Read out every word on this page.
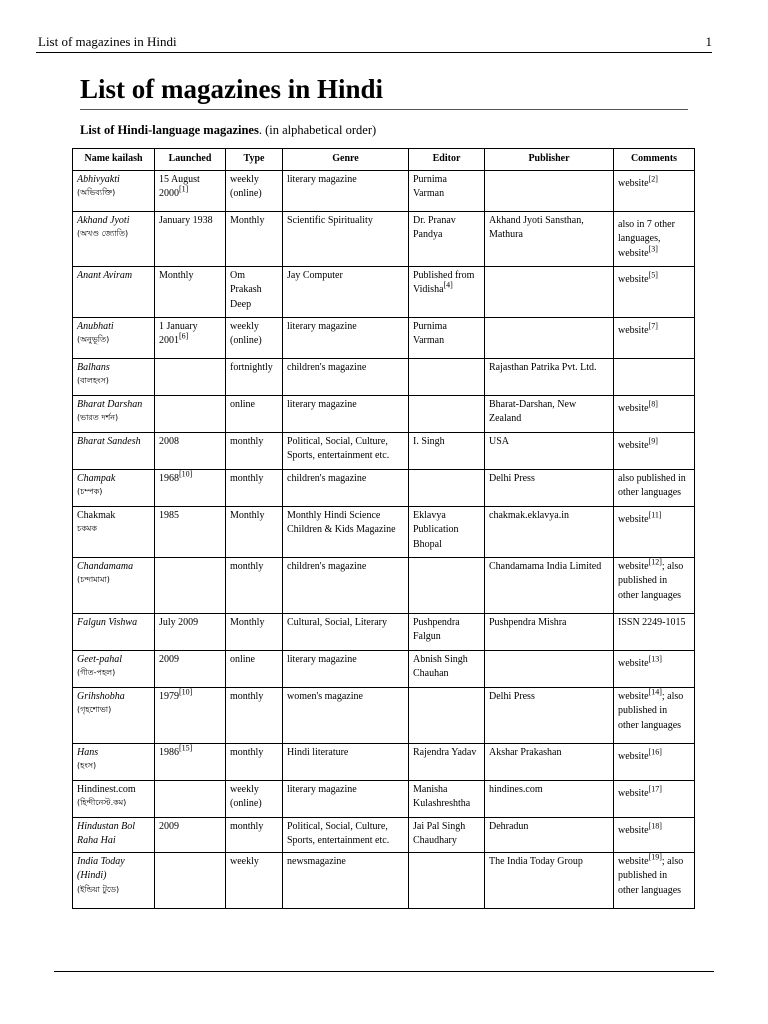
List of magazines in Hindi	1
List of magazines in Hindi
List of Hindi-language magazines. (in alphabetical order)
Name kailash	Launched	Type	Genre	Editor	Publisher	Comments
Abhivyakti
(অভিব্যক্তি)	15 August 2000[1]	weekly (online)	literary magazine	Purnima Varman		website[2]
Akhand Jyoti
(অখণ্ড জ্যোতি)	January 1938	Monthly	Scientific Spirituality	Dr. Pranav Pandya	Akhand Jyoti Sansthan, Mathura	also in 7 other languages, website[3]
Anant Aviram	Monthly	Om Prakash Deep	Jay Computer	Published from Vidisha[4]		website[5]
Anubhati
(অনুভূতি)	1 January 2001[6]	weekly (online)	literary magazine	Purnima Varman		website[7]
Balhans
(বালহংস)		fortnightly	children's magazine		Rajasthan Patrika Pvt. Ltd.	
Bharat Darshan
(ভারত দর্শন)		online	literary magazine		Bharat-Darshan, New Zealand	website[8]
Bharat Sandesh	2008	monthly	Political, Social, Culture, Sports, entertainment etc.	I. Singh	USA	website[9]
Champak
(চম্পক)	1968[10]	monthly	children's magazine		Delhi Press	also published in other languages
Chakmak
চকমক	1985	Monthly	Monthly Hindi Science Children & Kids Magazine	Eklavya Publication Bhopal	chakmak.eklavya.in	website[11]
Chandamama
(চন্দামামা)		monthly	children's magazine		Chandamama India Limited	website[12]; also published in other languages
Falgun Vishwa	July 2009	Monthly	Cultural, Social, Literary	Pushpendra Falgun	Pushpendra Mishra	ISSN 2249-1015
Geet-pahal
(গীত-পহল)	2009	online	literary magazine	Abnish Singh Chauhan		website[13]
Grihshobha
(গৃহশোভা)	1979[10]	monthly	women's magazine		Delhi Press	website[14]; also published in other languages
Hans
(হংস)	1986[15]	monthly	Hindi literature	Rajendra Yadav	Akshar Prakashan	website[16]
Hindinest.com
(হিন্দীনেস্ট.কম)		weekly (online)	literary magazine	Manisha Kulashreshtha	hindines.com	website[17]
Hindustan Bol Raha Hai	2009	monthly	Political, Social, Culture, Sports, entertainment etc.	Jai Pal Singh Chaudhary	Dehradun	website[18]
India Today (Hindi)
(ইন্ডিয়া টুডে)		weekly	newsmagazine		The India Today Group	website[19]; also published in other languages
